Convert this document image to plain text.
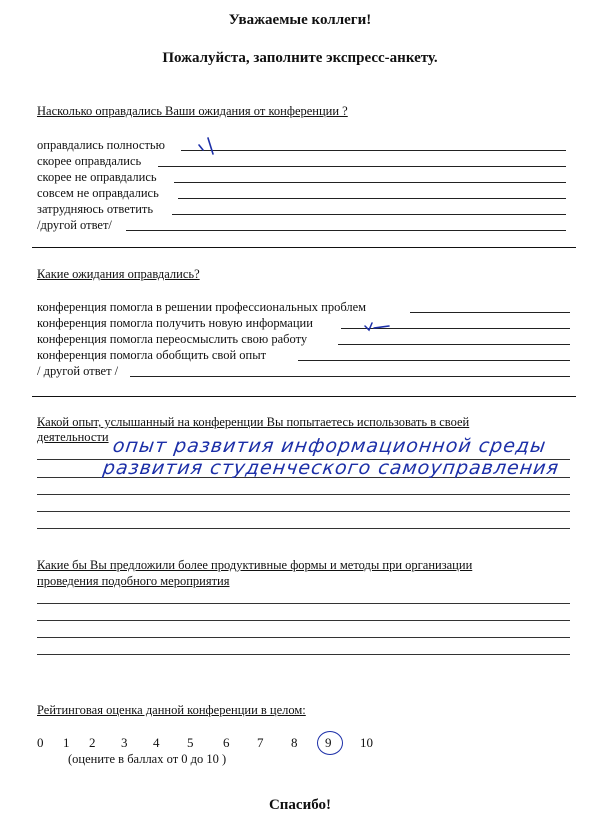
Уважаемые коллеги!
Пожалуйста, заполните экспресс-анкету.
Насколько оправдались Ваши ожидания от конференции ?
оправдались полностью
скорее оправдались
скорее не оправдались
совсем не оправдались
затрудняюсь ответить
/другой ответ/
Какие ожидания оправдались?
конференция помогла в решении профессиональных проблем
конференция помогла получить новую информации
конференция помогла переосмыслить свою работу
конференция помогла обобщить свой опыт
/ другой ответ /
Какой опыт, услышанный на конференции Вы попытаетесь использовать в своей
деятельности опыт развития информационной среды
развития студенческого самоуправления
Какие бы Вы предложили более продуктивные формы и методы при организации
проведения подобного мероприятия
Рейтинговая оценка данной конференции в целом:
0 1 2 3 4 5 6 7 8 9 10
(оцените в баллах от 0 до 10 )
Спасибо!
